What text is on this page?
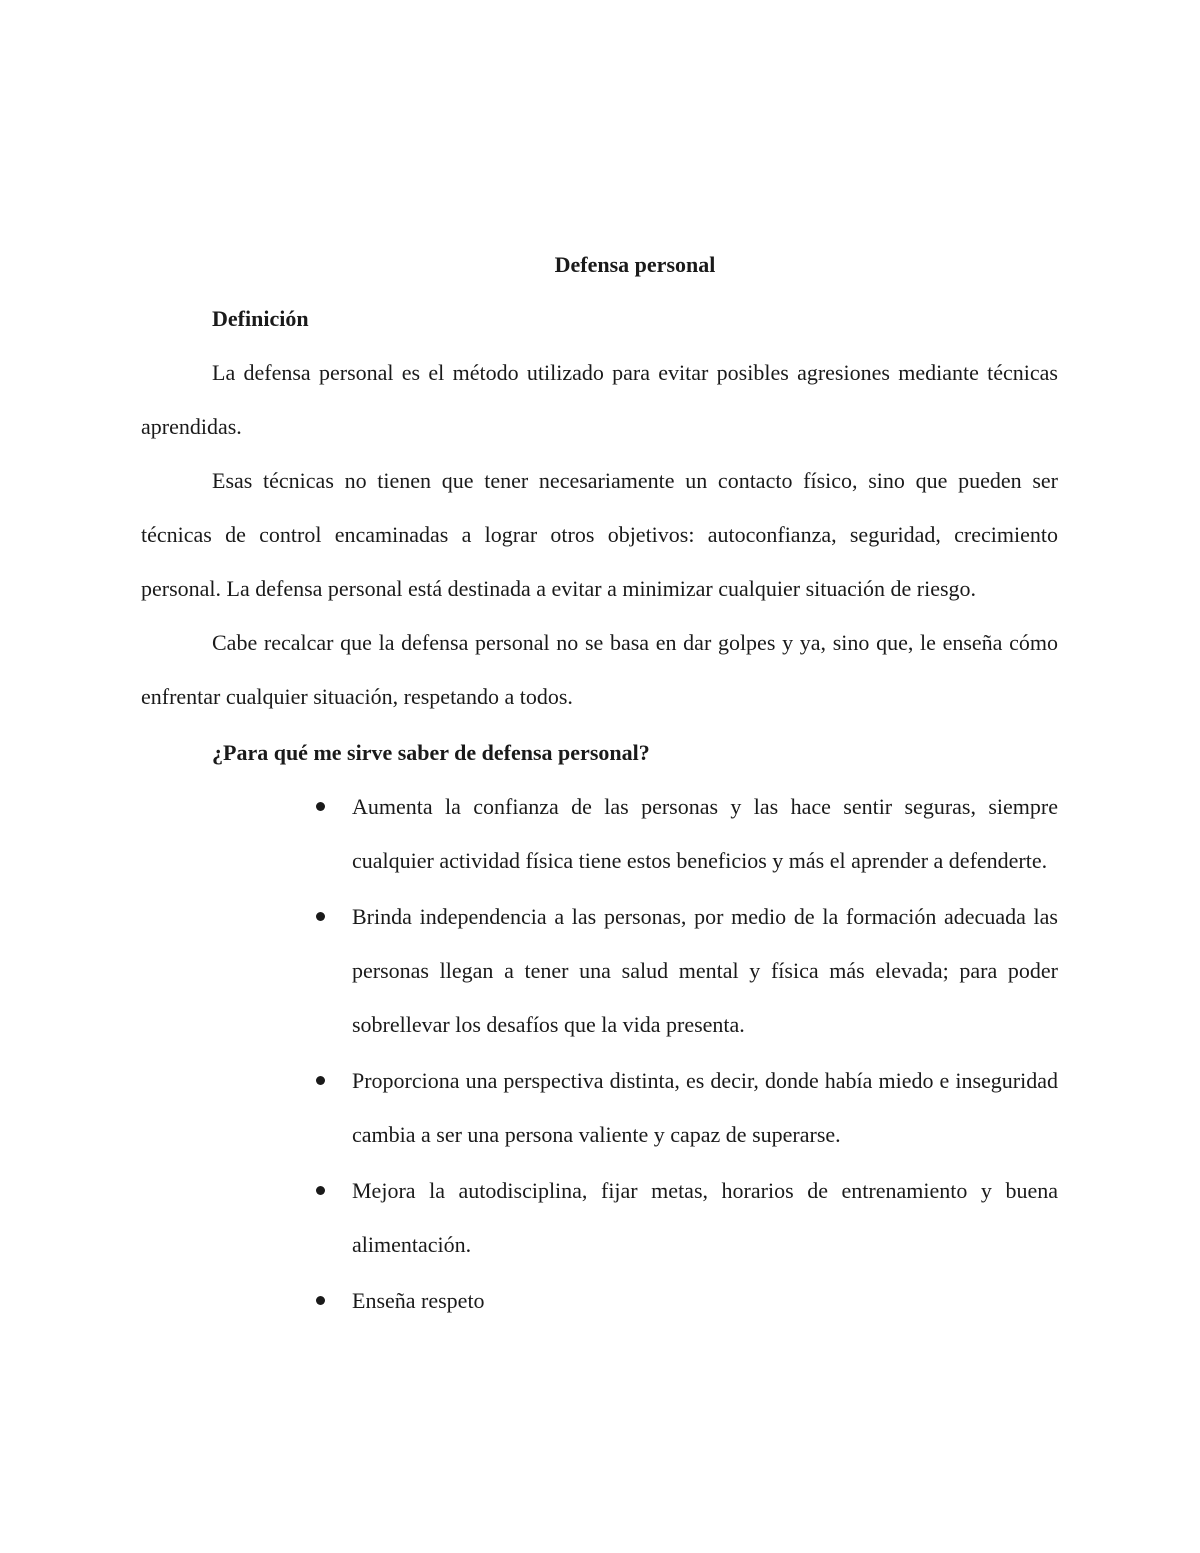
Defensa personal
Definición

La defensa personal es el método utilizado para evitar posibles agresiones mediante técnicas aprendidas.

Esas técnicas no tienen que tener necesariamente un contacto físico, sino que pueden ser técnicas de control encaminadas a lograr otros objetivos: autoconfianza, seguridad, crecimiento personal. La defensa personal está destinada a evitar a minimizar cualquier situación de riesgo.

Cabe recalcar que la defensa personal no se basa en dar golpes y ya, sino que, le enseña cómo enfrentar cualquier situación, respetando a todos.

¿Para qué me sirve saber de defensa personal?
Aumenta la confianza de las personas y las hace sentir seguras, siempre cualquier actividad física tiene estos beneficios y más el aprender a defenderte.
Brinda independencia a las personas, por medio de la formación adecuada las personas llegan a tener una salud mental y física más elevada; para poder sobrellevar los desafíos que la vida presenta.
Proporciona una perspectiva distinta, es decir, donde había miedo e inseguridad cambia a ser una persona valiente y capaz de superarse.
Mejora la autodisciplina, fijar metas, horarios de entrenamiento y buena alimentación.
Enseña respeto
